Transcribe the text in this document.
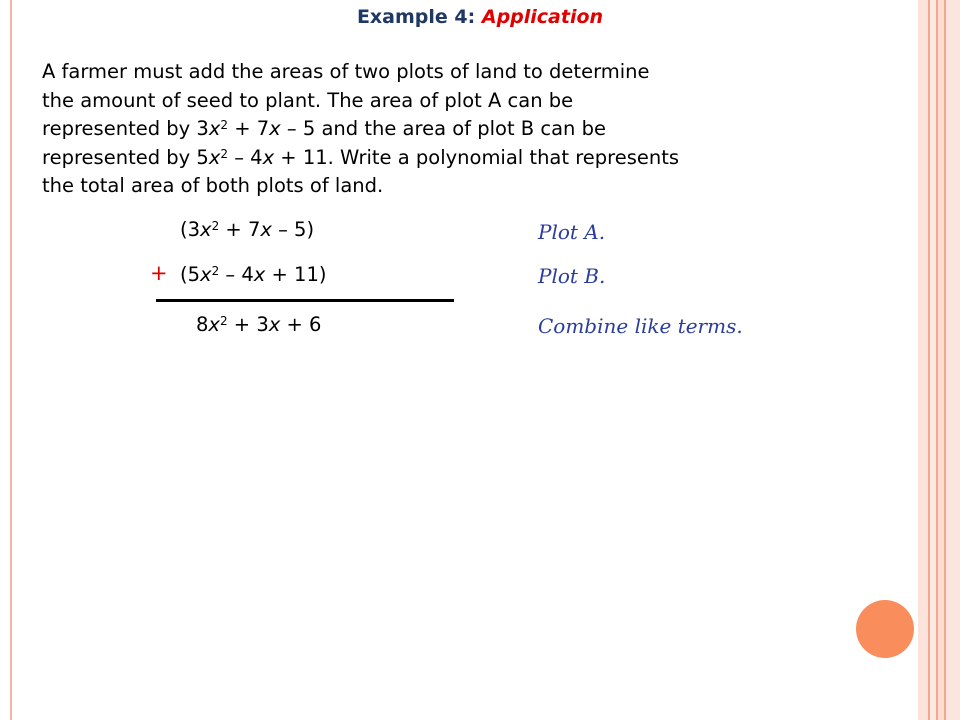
Example 4: Application

A farmer must add the areas of two plots of land to determine

the amount of seed to plant. The area of plot A can be

represented by $3x^2 + 7x - 5$ and the area of plot B can be

represented by $5x^2 - 4x + 11$. Write a polynomial that represents

the total area of both plots of land.

$(3x^2 + 7x - 5)$
+ $(5x^2 - 4x + 11)$
$8x^2 + 3x + 6$
Plot A.
Plot B.
Combine like terms.
